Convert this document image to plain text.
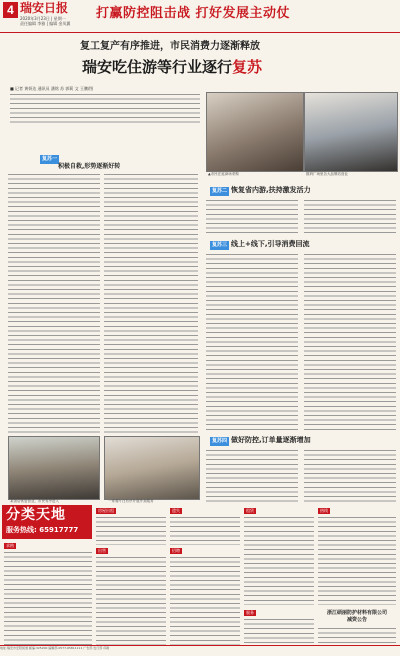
4 瑞安日报
2020年3月23日 | 星期一
责任编辑 李雅 | 编辑 金凤翼
打赢防控阻击战 打好发展主动仗
复工复产有序推进，市民消费力逐渐释放
瑞安吃住游等行业逐行复苏
■ 记者 黄妍达 通讯员 潘铭 苏 郭莉 文 王鹏/图
复苏一
积极自救,形势逐渐好转
▲市民在逛商场采购	数码广场里各大品牌店营业
复苏二 恢复省内游,扶持激发活力
复苏三 线上+线下,引导消费回流
某饭店恢复营业，市民有序进入	一家餐厅在有序开展外卖服务
复苏四 做好防控,订单量逐渐增加
分类天地
服务热线: 65917777
求购
房屋出租
出售
遗失
招聘
租赁
服务
热线
浙江硕丽防护材料有限公司
减资公告
地址:瑞安市安阳街道 邮编:325200 编辑部:0577-65811111 广告部 发行部 印刷
